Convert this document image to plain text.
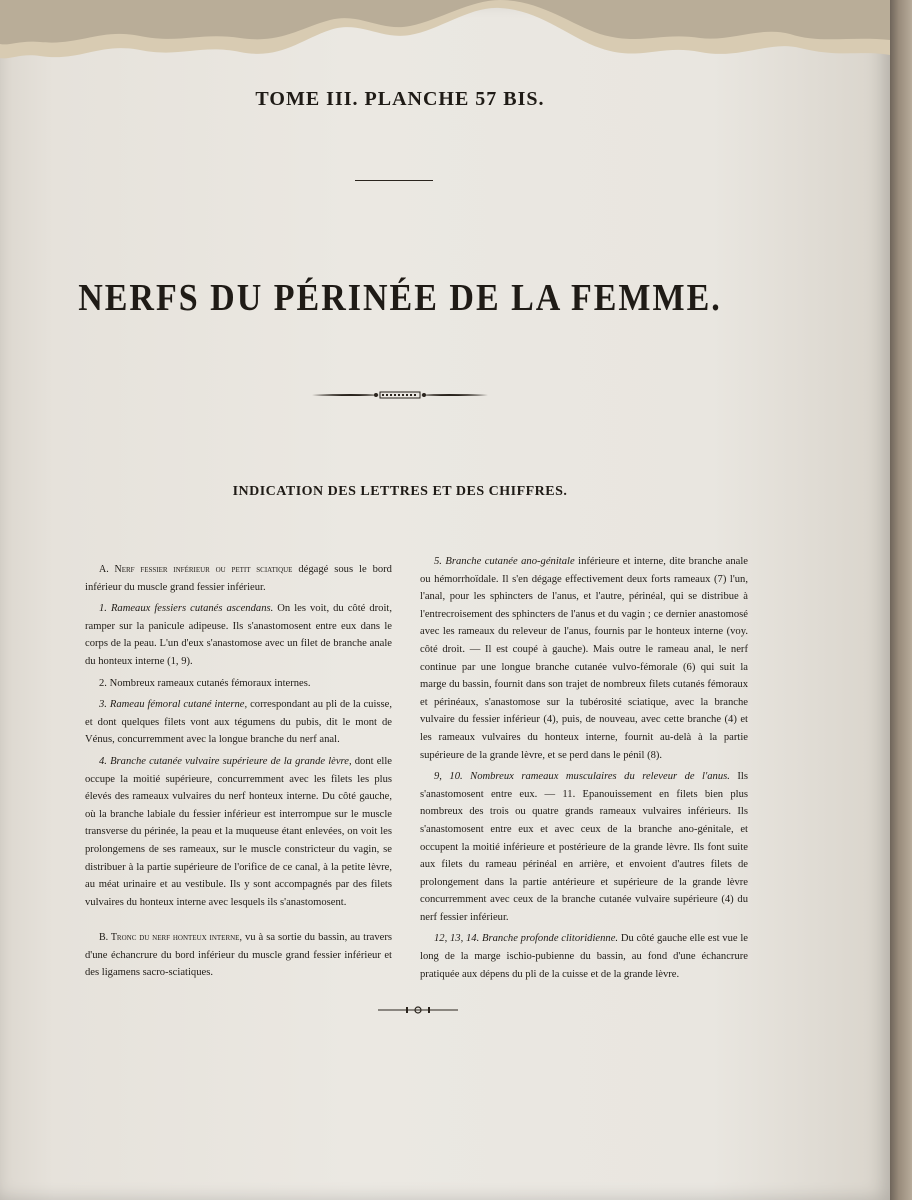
TOME III. PLANCHE 57 BIS.
NERFS DU PÉRINÉE DE LA FEMME.
INDICATION DES LETTRES ET DES CHIFFRES.

A. Nerf fessier inférieur ou petit sciatique dégagé sous le bord inférieur du muscle grand fessier inférieur.

1. Rameaux fessiers cutanés ascendans. On les voit, du côté droit, ramper sur la panicule adipeuse. Ils s'anastomosent entre eux dans le corps de la peau. L'un d'eux s'anastomose avec un filet de branche anale du honteux interne (1, 9).

2. Nombreux rameaux cutanés fémoraux internes.

3. Rameau fémoral cutané interne, correspondant au pli de la cuisse, et dont quelques filets vont aux tégumens du pubis, dit le mont de Vénus, concurremment avec la longue branche du nerf anal.

4. Branche cutanée vulvaire supérieure de la grande lèvre, dont elle occupe la moitié supérieure, concurremment avec les filets les plus élevés des rameaux vulvaires du nerf honteux interne. Du côté gauche, où la branche labiale du fessier inférieur est interrompue sur le muscle transverse du périnée, la peau et la muqueuse étant enlevées, on voit les prolongemens de ses rameaux, sur le muscle constricteur du vagin, se distribuer à la partie supérieure de l'orifice de ce canal, à la petite lèvre, au méat urinaire et au vestibule. Ils y sont accompagnés par des filets vulvaires du honteux interne avec lesquels ils s'anastomosent.

B. Tronc du nerf honteux interne, vu à sa sortie du bassin, au travers d'une échancrure du bord inférieur du muscle grand fessier inférieur et des ligamens sacro-sciatiques.

5. Branche cutanée ano-génitale inférieure et interne, dite branche anale ou hémorrhoïdale. Il s'en dégage effectivement deux forts rameaux (7) l'un, l'anal, pour les sphincters de l'anus, et l'autre, périnéal, qui se distribue à l'entrecroisement des sphincters de l'anus et du vagin ; ce dernier anastomosé avec les rameaux du releveur de l'anus, fournis par le honteux interne (voy. côté droit. — Il est coupé à gauche). Mais outre le rameau anal, le nerf continue par une longue branche cutanée vulvo-fémorale (6) qui suit la marge du bassin, fournit dans son trajet de nombreux filets cutanés fémoraux et périnéaux, s'anastomose sur la tubérosité sciatique, avec la branche vulvaire du fessier inférieur (4), puis, de nouveau, avec cette branche (4) et les rameaux vulvaires du honteux interne, fournit au-delà à la partie supérieure de la grande lèvre, et se perd dans le pénil (8).

9, 10. Nombreux rameaux musculaires du releveur de l'anus. Ils s'anastomosent entre eux. — 11. Epanouissement en filets bien plus nombreux des trois ou quatre grands rameaux vulvaires inférieurs. Ils s'anastomosent entre eux et avec ceux de la branche ano-génitale, et occupent la moitié inférieure et postérieure de la grande lèvre. Ils font suite aux filets du rameau périnéal en arrière, et envoient d'autres filets de prolongement dans la partie antérieure et supérieure de la grande lèvre concurremment avec ceux de la branche cutanée vulvaire supérieure (4) du nerf fessier inférieur.

12, 13, 14. Branche profonde clitoridienne. Du côté gauche elle est vue le long de la marge ischio-pubienne du bassin, au fond d'une échancrure pratiquée aux dépens du pli de la cuisse et de la grande lèvre.
